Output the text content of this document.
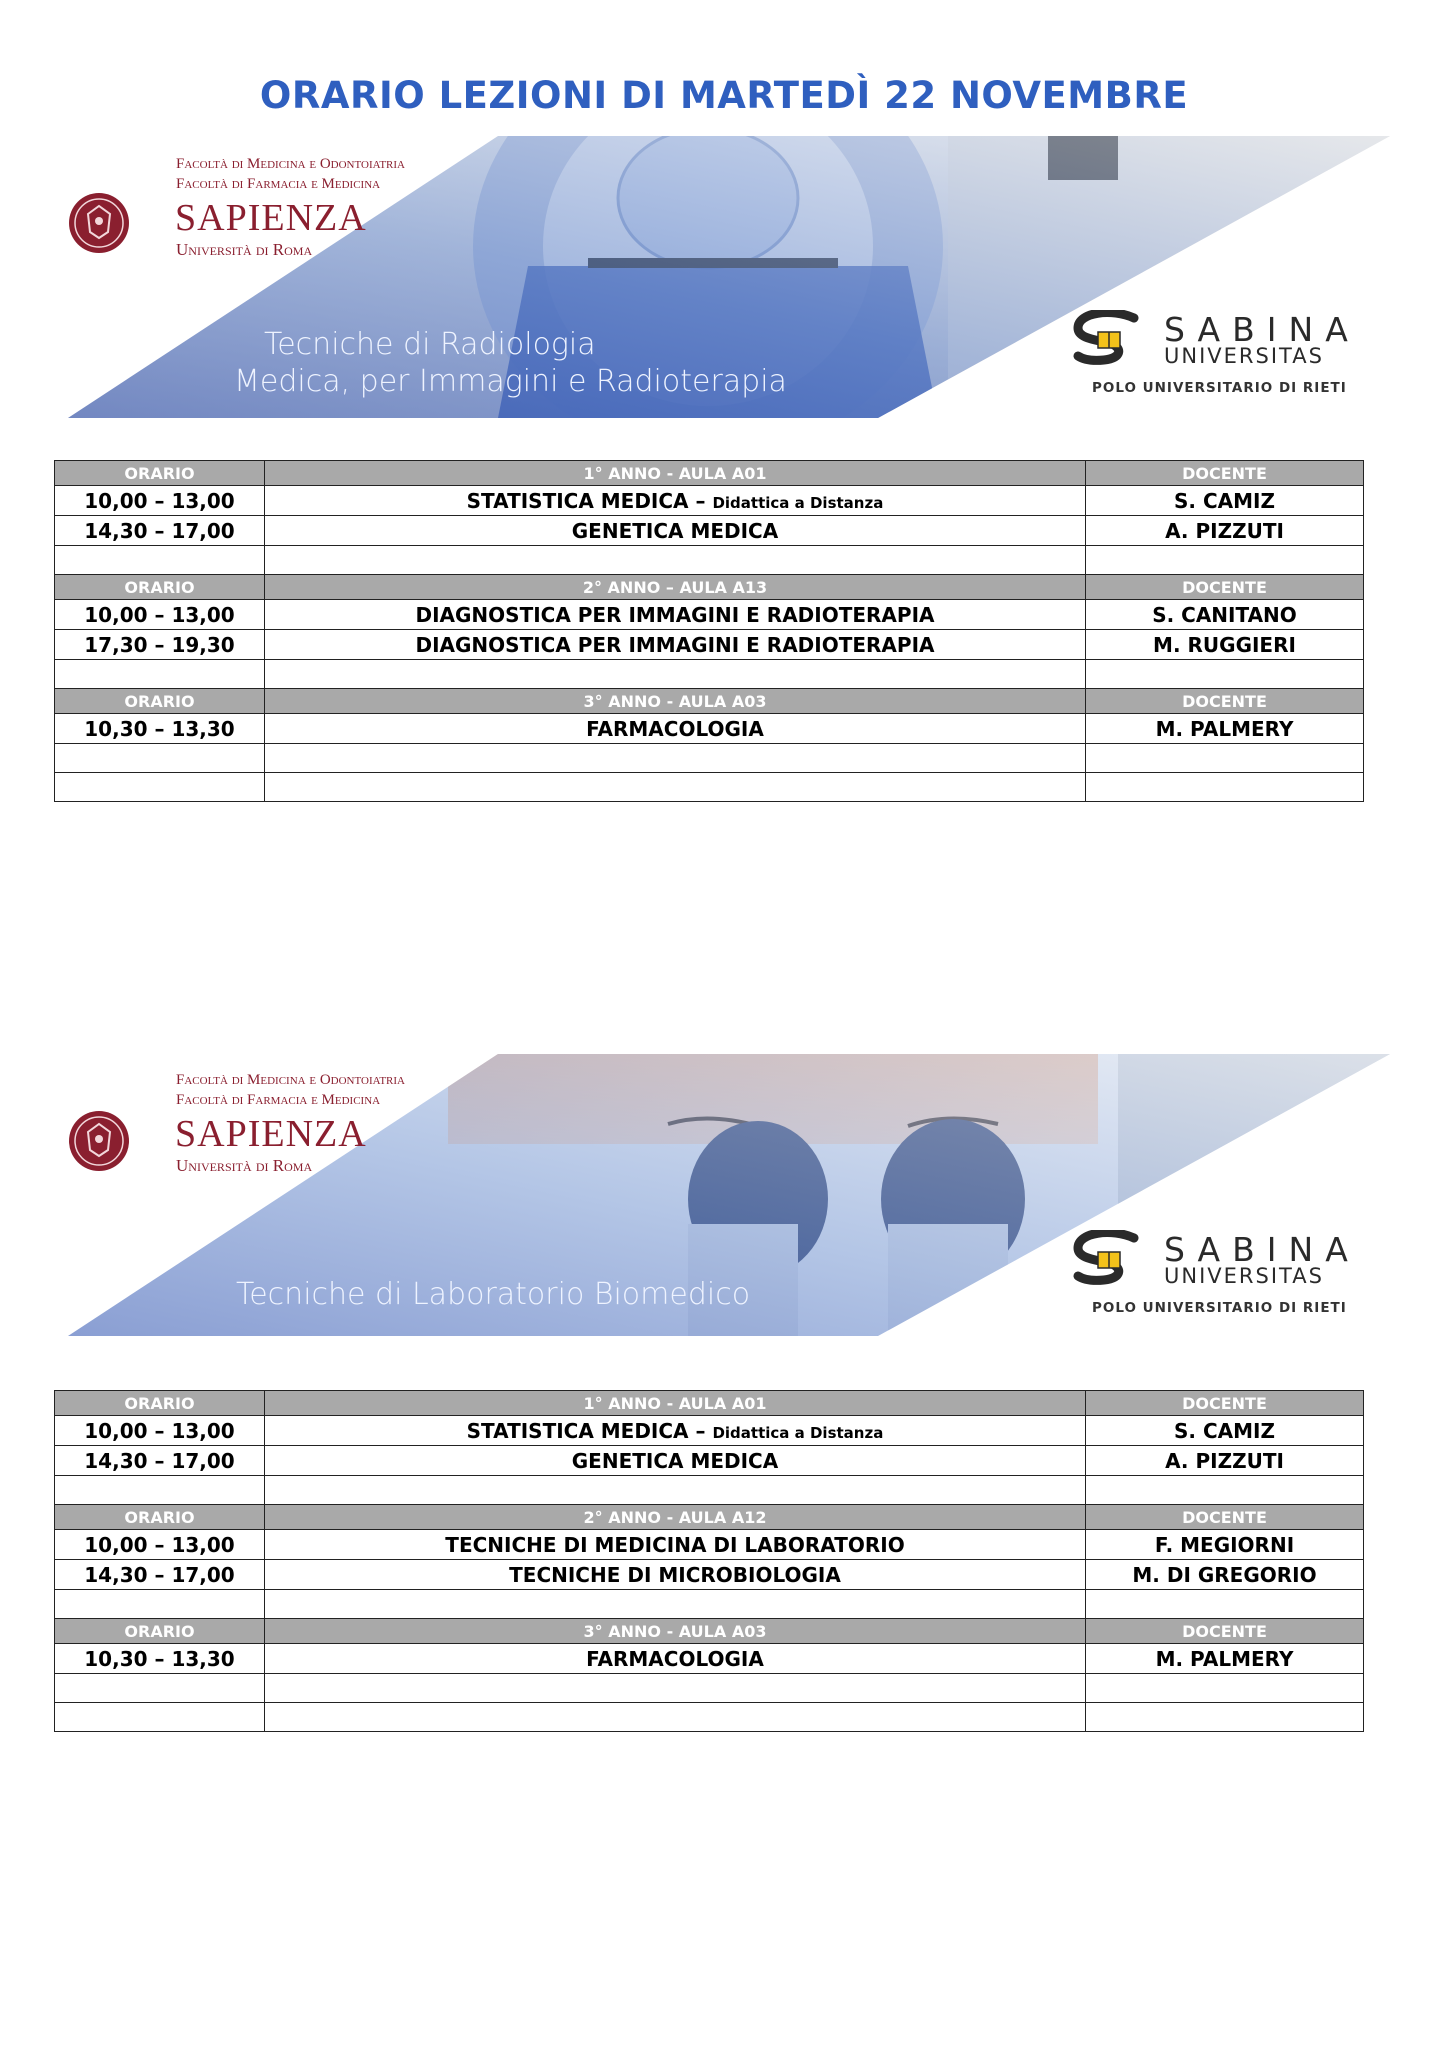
ORARIO LEZIONI DI MARTEDÌ 22 NOVEMBRE
Facoltà di Medicina e Odontoiatria
Facoltà di Farmacia e Medicina
SAPIENZA
Università di Roma
Tecniche di Radiologia
Medica, per Immagini e Radioterapia
SABINA
UNIVERSITAS
POLO UNIVERSITARIO DI RIETI
ORARIO	1° ANNO - AULA A01	DOCENTE
10,00 – 13,00	STATISTICA MEDICA – Didattica a Distanza	S. CAMIZ
14,30 – 17,00	GENETICA MEDICA	A. PIZZUTI

ORARIO	2° ANNO – AULA A13	DOCENTE
10,00 – 13,00	DIAGNOSTICA PER IMMAGINI E RADIOTERAPIA	S. CANITANO
17,30 – 19,30	DIAGNOSTICA PER IMMAGINI E RADIOTERAPIA	M. RUGGIERI

ORARIO	3° ANNO - AULA A03	DOCENTE
10,30 – 13,30	FARMACOLOGIA	M. PALMERY

Facoltà di Medicina e Odontoiatria
Facoltà di Farmacia e Medicina
SAPIENZA
Università di Roma
Tecniche di Laboratorio Biomedico
SABINA
UNIVERSITAS
POLO UNIVERSITARIO DI RIETI
ORARIO	1° ANNO - AULA A01	DOCENTE
10,00 – 13,00	STATISTICA MEDICA – Didattica a Distanza	S. CAMIZ
14,30 – 17,00	GENETICA MEDICA	A. PIZZUTI

ORARIO	2° ANNO - AULA A12	DOCENTE
10,00 – 13,00	TECNICHE DI MEDICINA DI LABORATORIO	F. MEGIORNI
14,30 – 17,00	TECNICHE DI MICROBIOLOGIA	M. DI GREGORIO

ORARIO	3° ANNO - AULA A03	DOCENTE
10,30 – 13,30	FARMACOLOGIA	M. PALMERY
